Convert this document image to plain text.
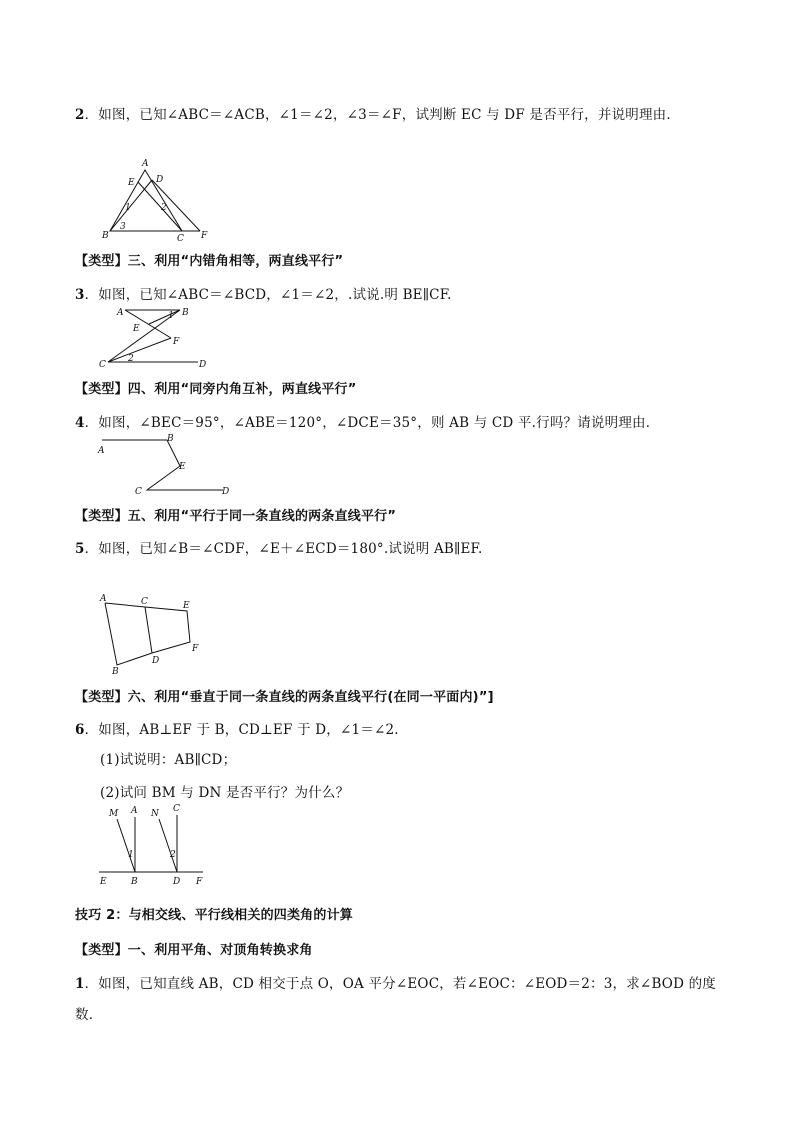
2．如图，已知∠ABC＝∠ACB，∠1＝∠2，∠3＝∠F，试判断 EC 与 DF 是否平行，并说明理由．
A
E D
B	C F
1	2
3
【类型】三、利用“内错角相等，两直线平行”
3．如图，已知∠ABC＝∠BCD，∠1＝∠2，.试说.明 BE∥CF.
A	B
E
F
C	D
1
2
【类型】四、利用“同旁内角互补，两直线平行”
4．如图，∠BEC＝95°，∠ABE＝120°，∠DCE＝35°，则 AB 与 CD 平.行吗？请说明理由．
A
B
E
C	D
【类型】五、利用“平行于同一条直线的两条直线平行”
5．如图，已知∠B＝∠CDF，∠E＋∠ECD＝180°.试说明 AB∥EF.
A	C	E
F
D
B
【类型】六、利用“垂直于同一条直线的两条直线平行(在同一平面内)”]
6．如图，AB⊥EF 于 B，CD⊥EF 于 D，∠1＝∠2.
(1)试说明：AB∥CD；
(2)试问 BM 与 DN 是否平行？为什么？
M A N C
E	B	D F
1	2
技巧 2：与相交线、平行线相关的四类角的计算
【类型】一、利用平角、对顶角转换求角
1．如图，已知直线 AB，CD 相交于点 O，OA 平分∠EOC，若∠EOC：∠EOD＝2：3，求∠BOD 的度
数．
